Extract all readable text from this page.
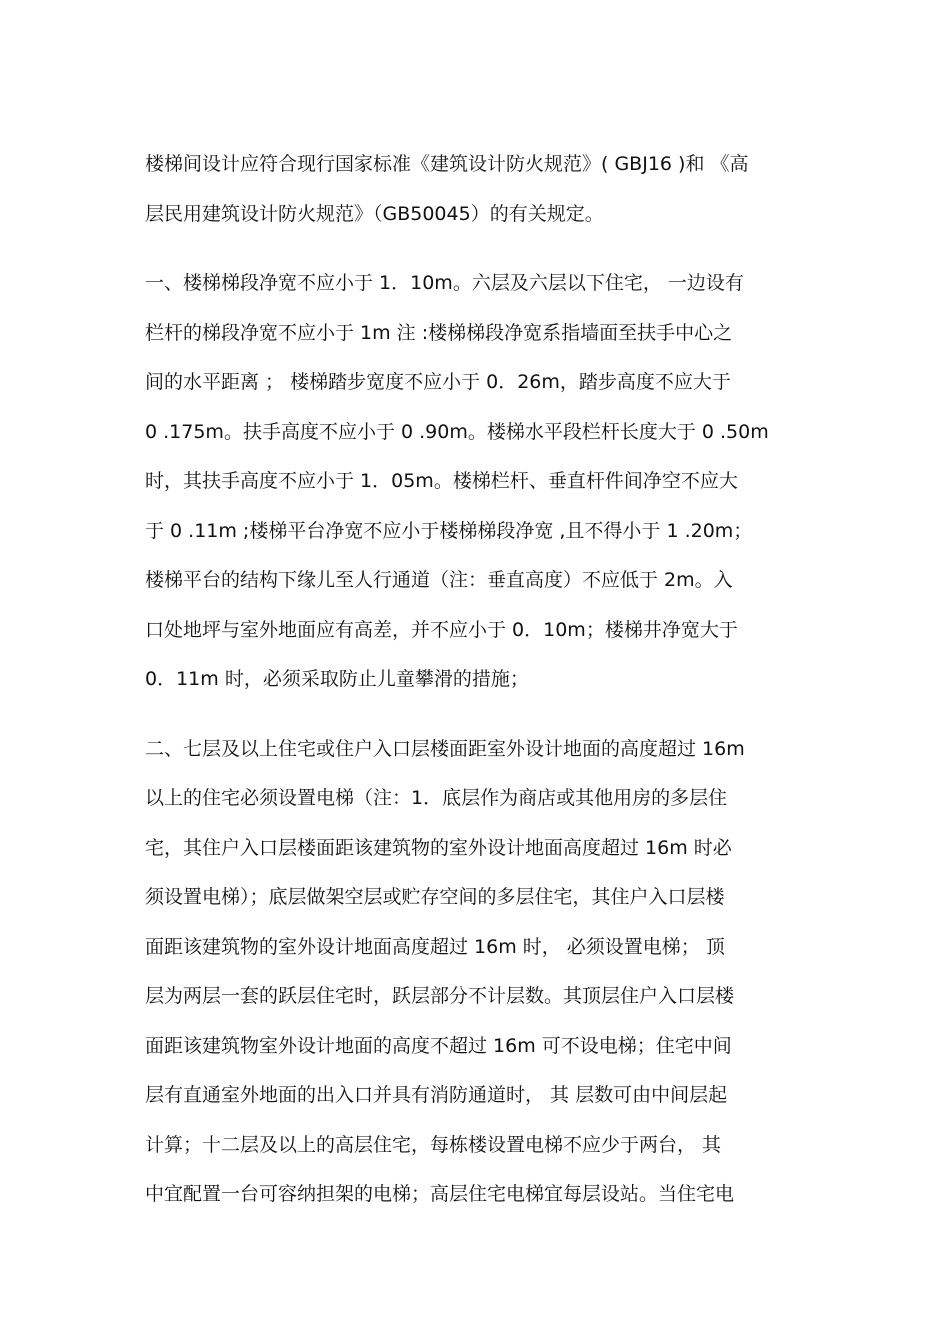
楼梯间设计应符合现行国家标准《建筑设计防火规范》( GBJ16 )和 《高
层民用建筑设计防火规范》（GB50045）的有关规定。
一、楼梯梯段净宽不应小于 1．10m。六层及六层以下住宅， 一边设有
栏杆的梯段净宽不应小于 1m 注 :楼梯梯段净宽系指墙面至扶手中心之
间的水平距离 ； 楼梯踏步宽度不应小于 0．26m，踏步高度不应大于
0 .175m。扶手高度不应小于 0 .90m。楼梯水平段栏杆长度大于 0 .50m
时，其扶手高度不应小于 1．05m。楼梯栏杆、垂直杆件间净空不应大
于 0 .11m ;楼梯平台净宽不应小于楼梯梯段净宽 ,且不得小于 1 .20m；
楼梯平台的结构下缘儿至人行通道（注：垂直高度）不应低于 2m。入
口处地坪与室外地面应有高差，并不应小于 0．10m；楼梯井净宽大于
0．11m 时，必须采取防止儿童攀滑的措施；
二、七层及以上住宅或住户入口层楼面距室外设计地面的高度超过 16m
以上的住宅必须设置电梯（注：1．底层作为商店或其他用房的多层住
宅，其住户入口层楼面距该建筑物的室外设计地面高度超过 16m 时必
须设置电梯）；底层做架空层或贮存空间的多层住宅，其住户入口层楼
面距该建筑物的室外设计地面高度超过 16m 时， 必须设置电梯； 顶
层为两层一套的跃层住宅时，跃层部分不计层数。其顶层住户入口层楼
面距该建筑物室外设计地面的高度不超过 16m 可不设电梯；住宅中间
层有直通室外地面的出入口并具有消防通道时， 其 层数可由中间层起
计算；十二层及以上的高层住宅，每栋楼设置电梯不应少于两台， 其
中宜配置一台可容纳担架的电梯；高层住宅电梯宜每层设站。当住宅电
